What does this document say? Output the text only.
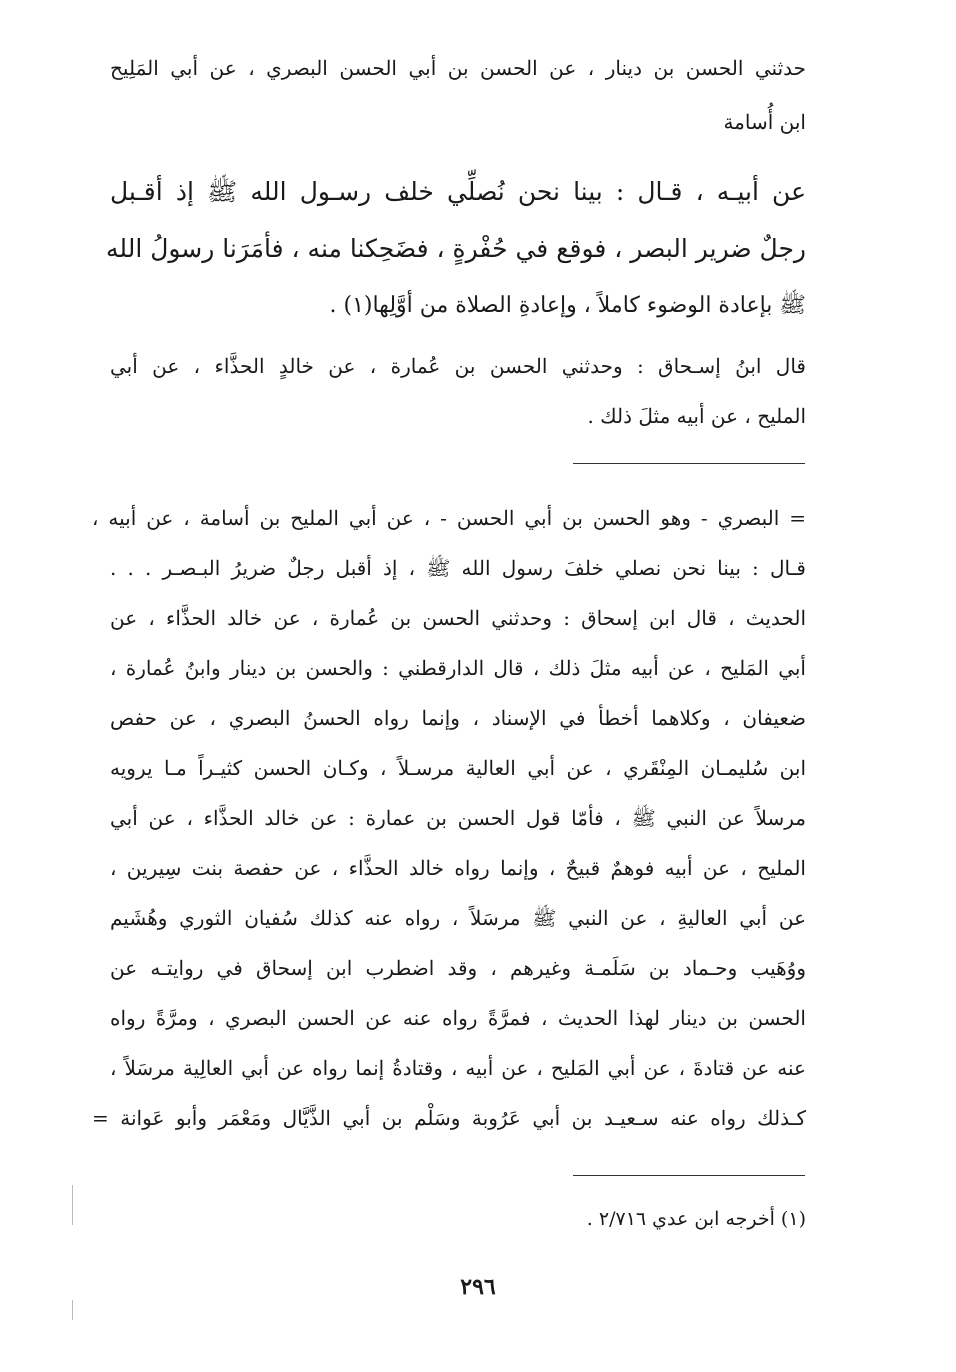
حدثني الحسن بن دينار ، عن الحسن بن أبي الحسن البصري ، عن أبي المَلِيح
ابن أُسامة
عن أبيـه ، قـال : بينا نحن نُصلِّي خلف رسـول الله ﷺ إذ أقـبل
رجلٌ ضرير البصر ، فوقع في حُفْرةٍ ، فضَحِكنا منه ، فأمَرَنا رسولُ الله
ﷺ بإعادة الوضوء كاملاً ، وإعادةِ الصلاة من أوَّلِها(١) .
قال ابنُ إسـحاق : وحدثني الحسن بن عُمارة ، عن خالدٍ الحذَّاء ، عن أبي
المليح ، عن أبيه مثلَ ذلك .
= البصري - وهو الحسن بن أبي الحسن - ، عن أبي المليح بن أسامة ، عن أبيه ،
قـال : بينا نحن نصلي خلفَ رسول الله ﷺ ، إذ أقبل رجلٌ ضريرُ البـصـر . . .
الحديث ، قال ابن إسحاق : وحدثني الحسن بن عُمارة ، عن خالد الحذَّاء ، عن
أبي المَليح ، عن أبيه مثلَ ذلك ، قال الدارقطني : والحسن بن دينار وابنُ عُمارة ،
ضعيفان ، وكلاهما أخطأ في الإسناد ، وإنما رواه الحسنُ البصري ، عن حفص
ابن سُليمـان المِنْقَري ، عن أبي العالية مرسـلاً ، وكـان الحسن كثيـراً مـا يرويه
مرسلاً عن النبي ﷺ ، فأمّا قول الحسن بن عمارة : عن خالد الحذَّاء ، عن أبي
المليح ، عن أبيه فوهمٌ قبيحٌ ، وإنما رواه خالد الحذَّاء ، عن حفصة بنت سِيرين ،
عن أبي العاليةِ ، عن النبي ﷺ مرسَلاً ، رواه عنه كذلك سُفيان الثوري وهُشَيم
ووُهَيب وحـماد بن سَلَمـة وغيرهم ، وقد اضطرب ابن إسحاق في روايتـه عن
الحسن بن دينار لهذا الحديث ، فمرَّةً رواه عنه عن الحسن البصري ، ومرَّةً رواه
عنه عن قتادةَ ، عن أبي المَليح ، عن أبيه ، وقتادةُ إنما رواه عن أبي العالِية مرسَلاً ،
كـذلك رواه عنه سـعيـد بن أبي عَرُوبة وسَلْم بن أبي الذَّيَّال ومَعْمَر وأبو عَوانة =
(١) أخرجه ابن عدي ٢/٧١٦ .
٢٩٦
